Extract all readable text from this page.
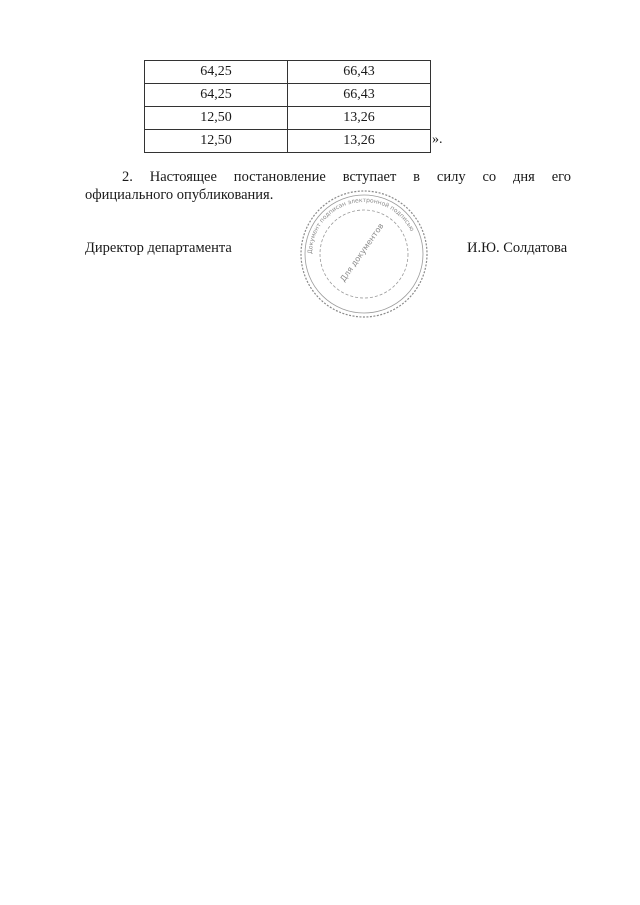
64,25	66,43
64,25	66,43
12,50	13,26
12,50	13,26	».
2. Настоящее постановление вступает в силу со дня его
официального опубликования.
Документ подписан электронной подписью
Для документов
Директор департамента	И.Ю. Солдатова
